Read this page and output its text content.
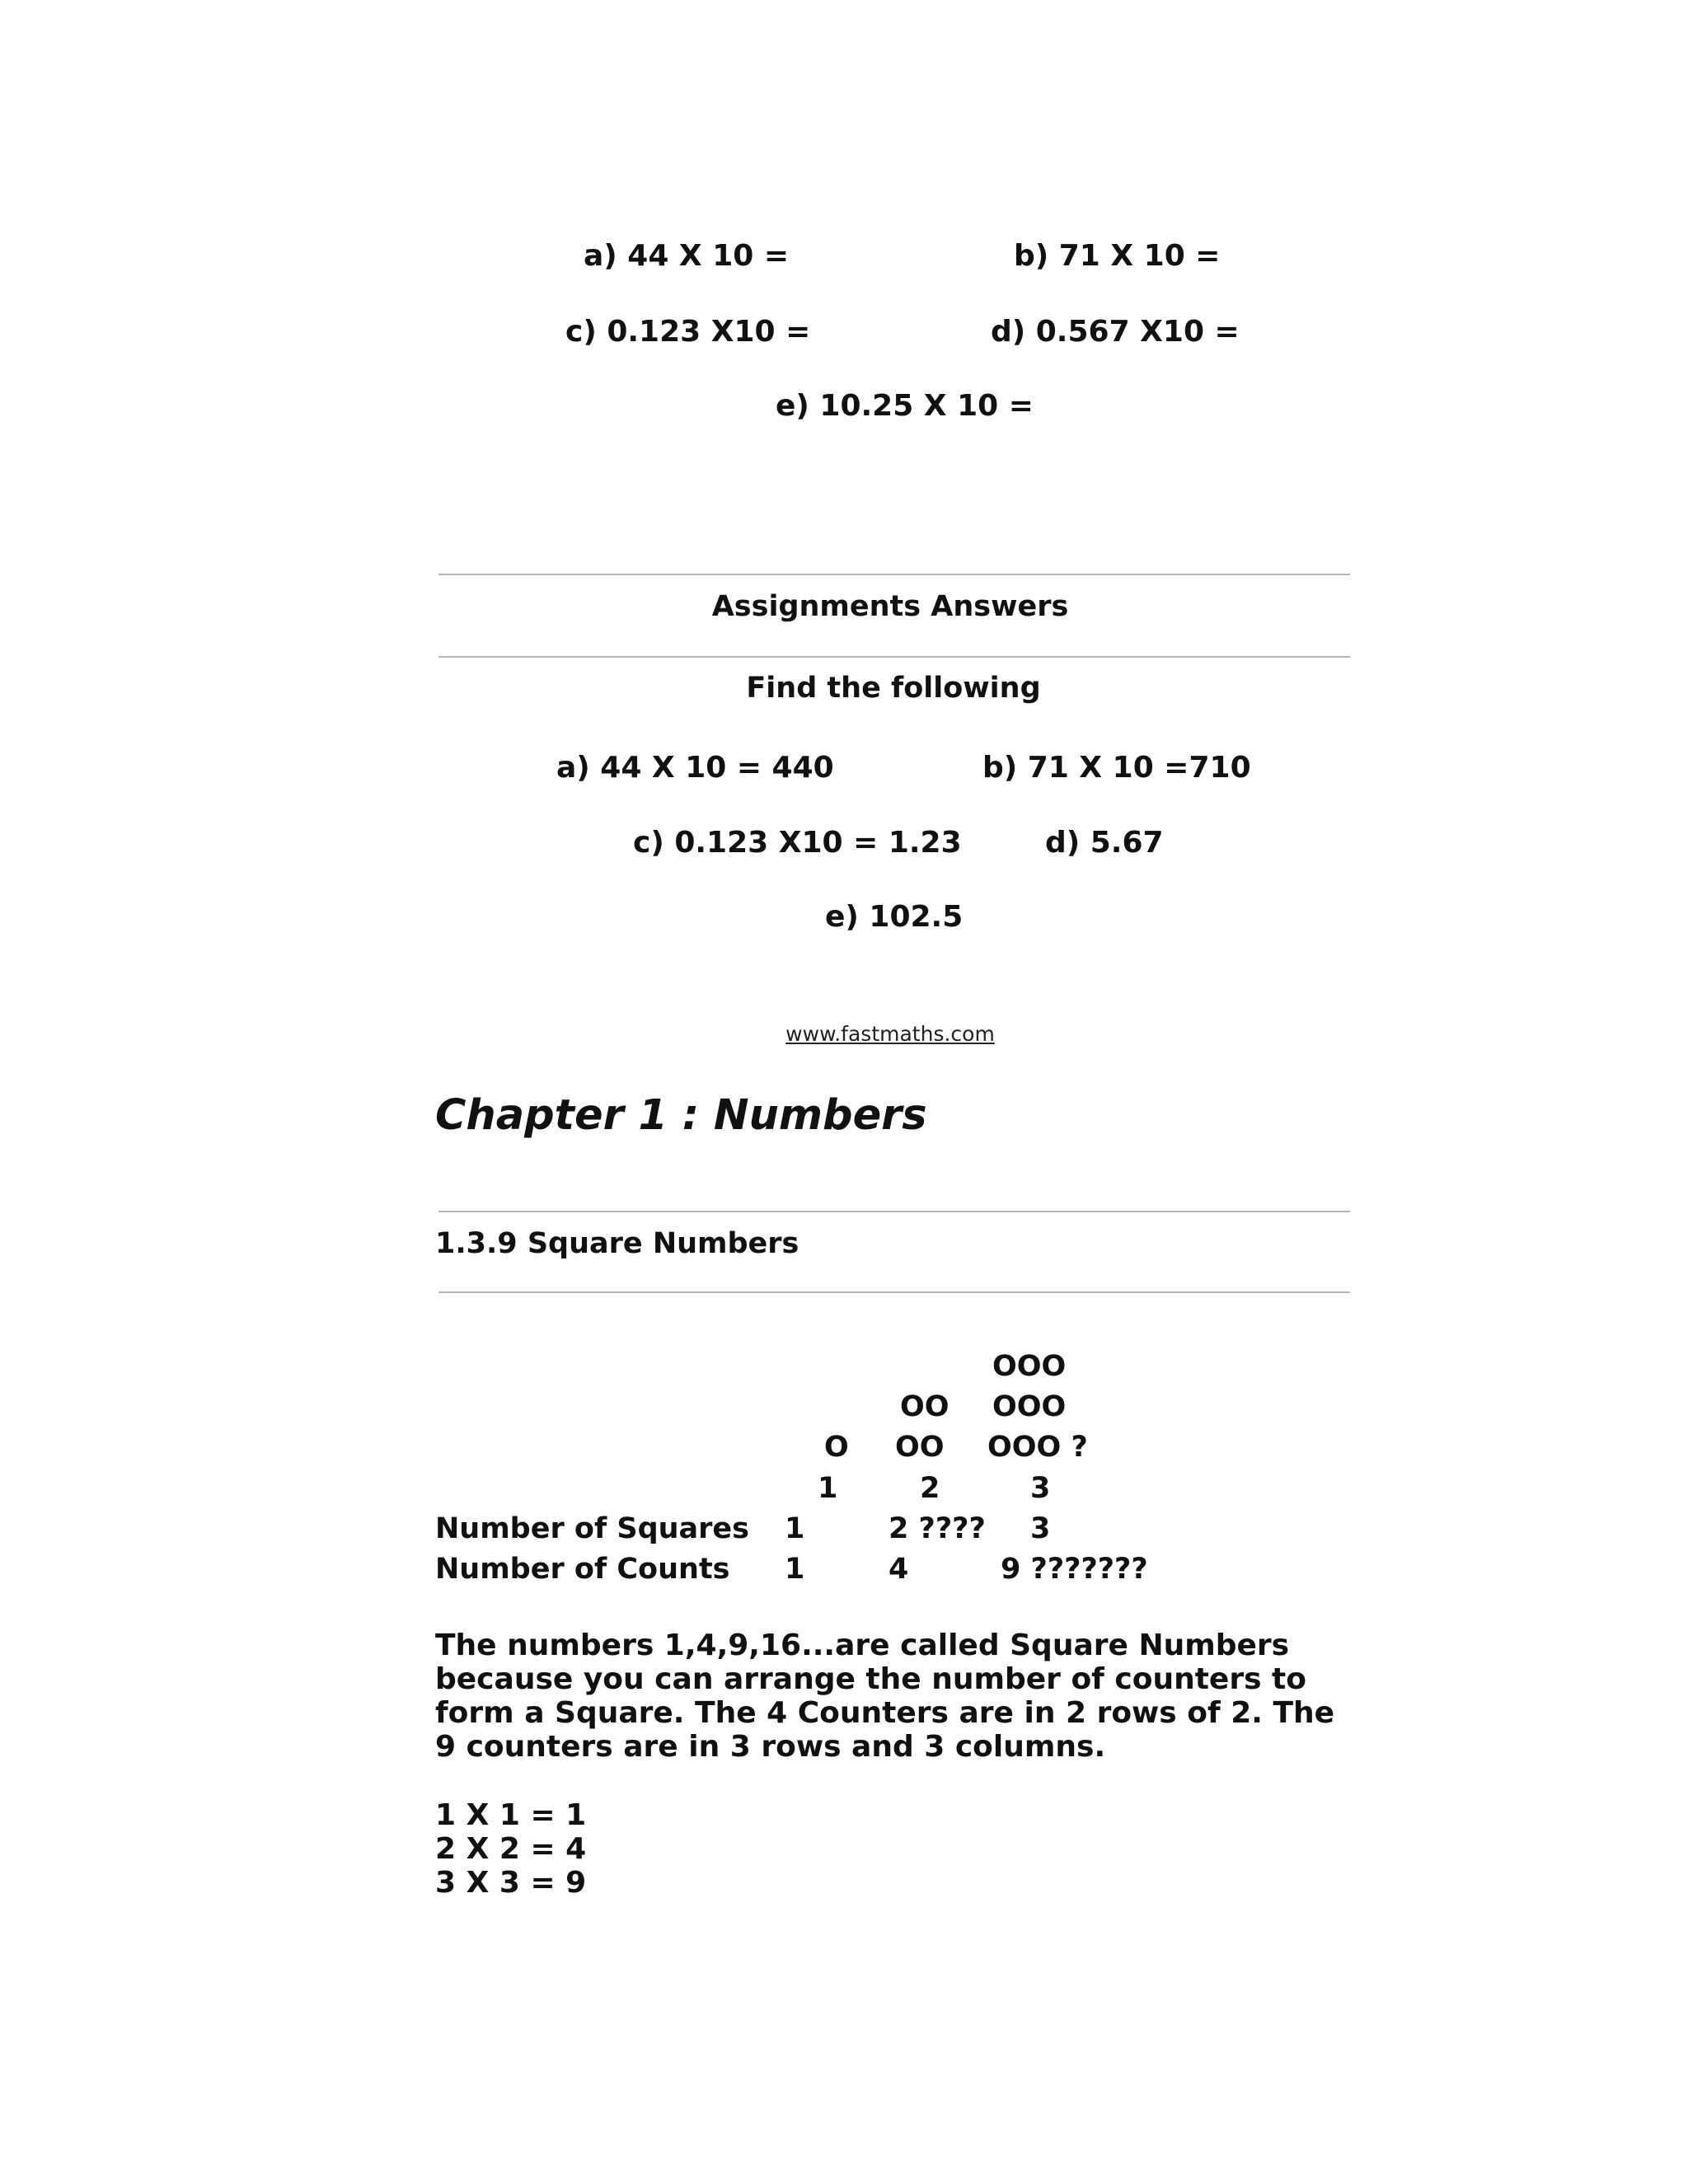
a) 44 X 10 =	b) 71 X 10 =
c) 0.123 X10 =	d) 0.567 X10 =
e) 10.25 X 10 =
Assignments Answers
Find the following
a) 44 X 10 = 440	b) 71 X 10 =710
c) 0.123 X10 = 1.23	d) 5.67
e) 102.5
www.fastmaths.com
Chapter 1 : Numbers
1.3.9 Square Numbers
OOO
OO OOO
O OO OOO ?
1	2	3
Number of Squares 1	2 ???? 3
Number of Counts 1	4	9 ???????
The numbers 1,4,9,16...are called Square Numbers because you can arrange the number of counters to form a Square. The 4 Counters are in 2 rows of 2. The 9 counters are in 3 rows and 3 columns.
1 X 1 = 1
2 X 2 = 4
3 X 3 = 9
